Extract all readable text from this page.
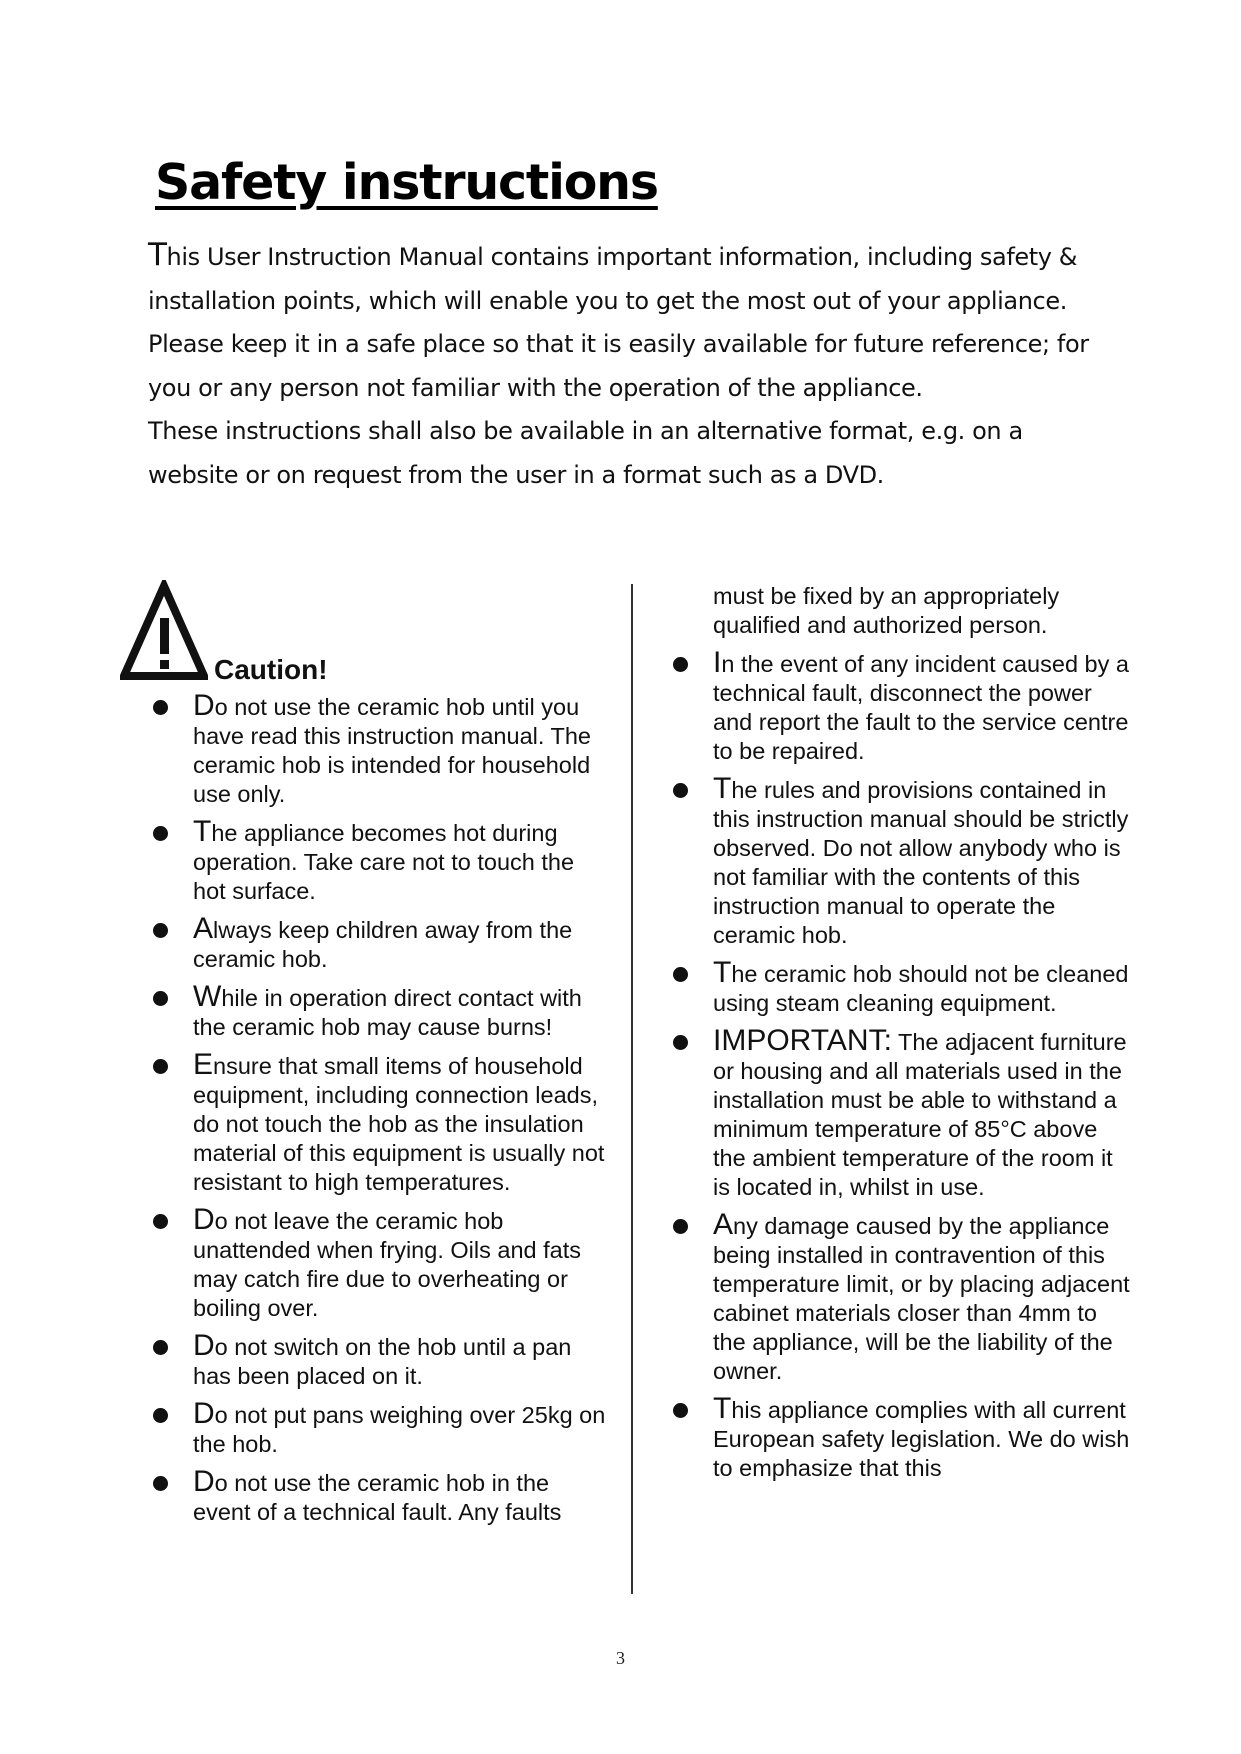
Safety instructions

This User Instruction Manual contains important information, including safety & installation points, which will enable you to get the most out of your appliance. Please keep it in a safe place so that it is easily available for future reference; for you or any person not familiar with the operation of the appliance.

These instructions shall also be available in an alternative format, e.g. on a website or on request from the user in a format such as a DVD.

Caution!
Do not use the ceramic hob until you have read this instruction manual. The ceramic hob is intended for household use only.
The appliance becomes hot during operation. Take care not to touch the hot surface.
Always keep children away from the ceramic hob.
While in operation direct contact with the ceramic hob may cause burns!
Ensure that small items of household equipment, including connection leads, do not touch the hob as the insulation material of this equipment is usually not resistant to high temperatures.
Do not leave the ceramic hob unattended when frying. Oils and fats may catch fire due to overheating or boiling over.
Do not switch on the hob until a pan has been placed on it.
Do not put pans weighing over 25kg on the hob.
Do not use the ceramic hob in the event of a technical fault. Any faults

must be fixed by an appropriately qualified and authorized person.

In the event of any incident caused by a technical fault, disconnect the power and report the fault to the service centre to be repaired.
The rules and provisions contained in this instruction manual should be strictly observed. Do not allow anybody who is not familiar with the contents of this instruction manual to operate the ceramic hob.
The ceramic hob should not be cleaned using steam cleaning equipment.
IMPORTANT: The adjacent furniture or housing and all materials used in the installation must be able to withstand a minimum temperature of 85°C above the ambient temperature of the room it is located in, whilst in use.
Any damage caused by the appliance being installed in contravention of this temperature limit, or by placing adjacent cabinet materials closer than 4mm to the appliance, will be the liability of the owner.
This appliance complies with all current European safety legislation. We do wish to emphasize that this
3
